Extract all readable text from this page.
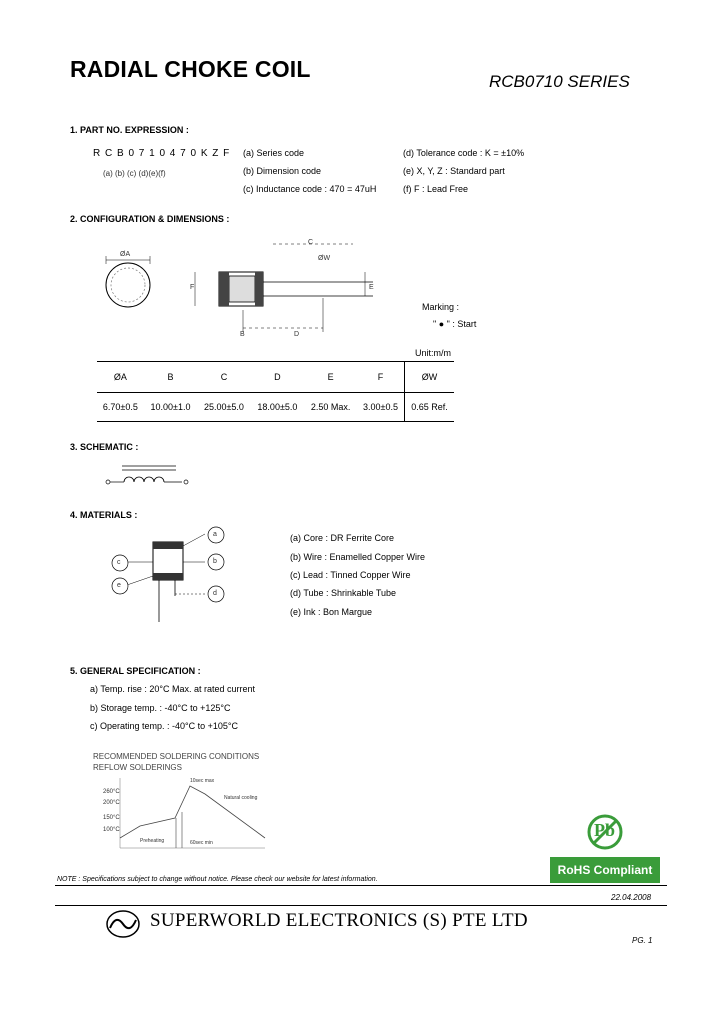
RADIAL CHOKE COIL	RCB0710 SERIES
1. PART NO. EXPRESSION :
R C B 0 7 1 0 4 7 0 K Z F
(a) (b) (c) (d)(e)(f)
(a) Series code
(b) Dimension code
(c) Inductance code : 470 = 47uH
(d) Tolerance code : K = ±10%
(e) X, Y, Z : Standard part
(f) F : Lead Free
2. CONFIGURATION & DIMENSIONS :
ØA
C
ØW
B	D
F	E
Marking :
" ● " : Start
Unit:m/m
ØA	B	C	D	E	F	ØW
6.70±0.5	10.00±1.0	25.00±5.0	18.00±5.0	2.50 Max.	3.00±0.5	0.65 Ref.
3. SCHEMATIC :
4. MATERIALS :
a
b
c
d
e
(a) Core : DR Ferrite Core
(b) Wire : Enamelled Copper Wire
(c) Lead : Tinned Copper Wire
(d) Tube : Shrinkable Tube
(e) Ink : Bon Margue
5. GENERAL SPECIFICATION :
a) Temp. rise : 20°C Max. at rated current
b) Storage temp. : -40°C to +125°C
c) Operating temp. : -40°C to +105°C
RECOMMENDED SOLDERING CONDITIONS
REFLOW SOLDERINGS
260°C
200°C
150°C
100°C
10sec max
Natural cooling
Preheating	60sec min
Pb
RoHS Compliant
NOTE : Specifications subject to change without notice. Please check our website for latest information.
22.04.2008
SUPERWORLD ELECTRONICS (S) PTE LTD
PG. 1
